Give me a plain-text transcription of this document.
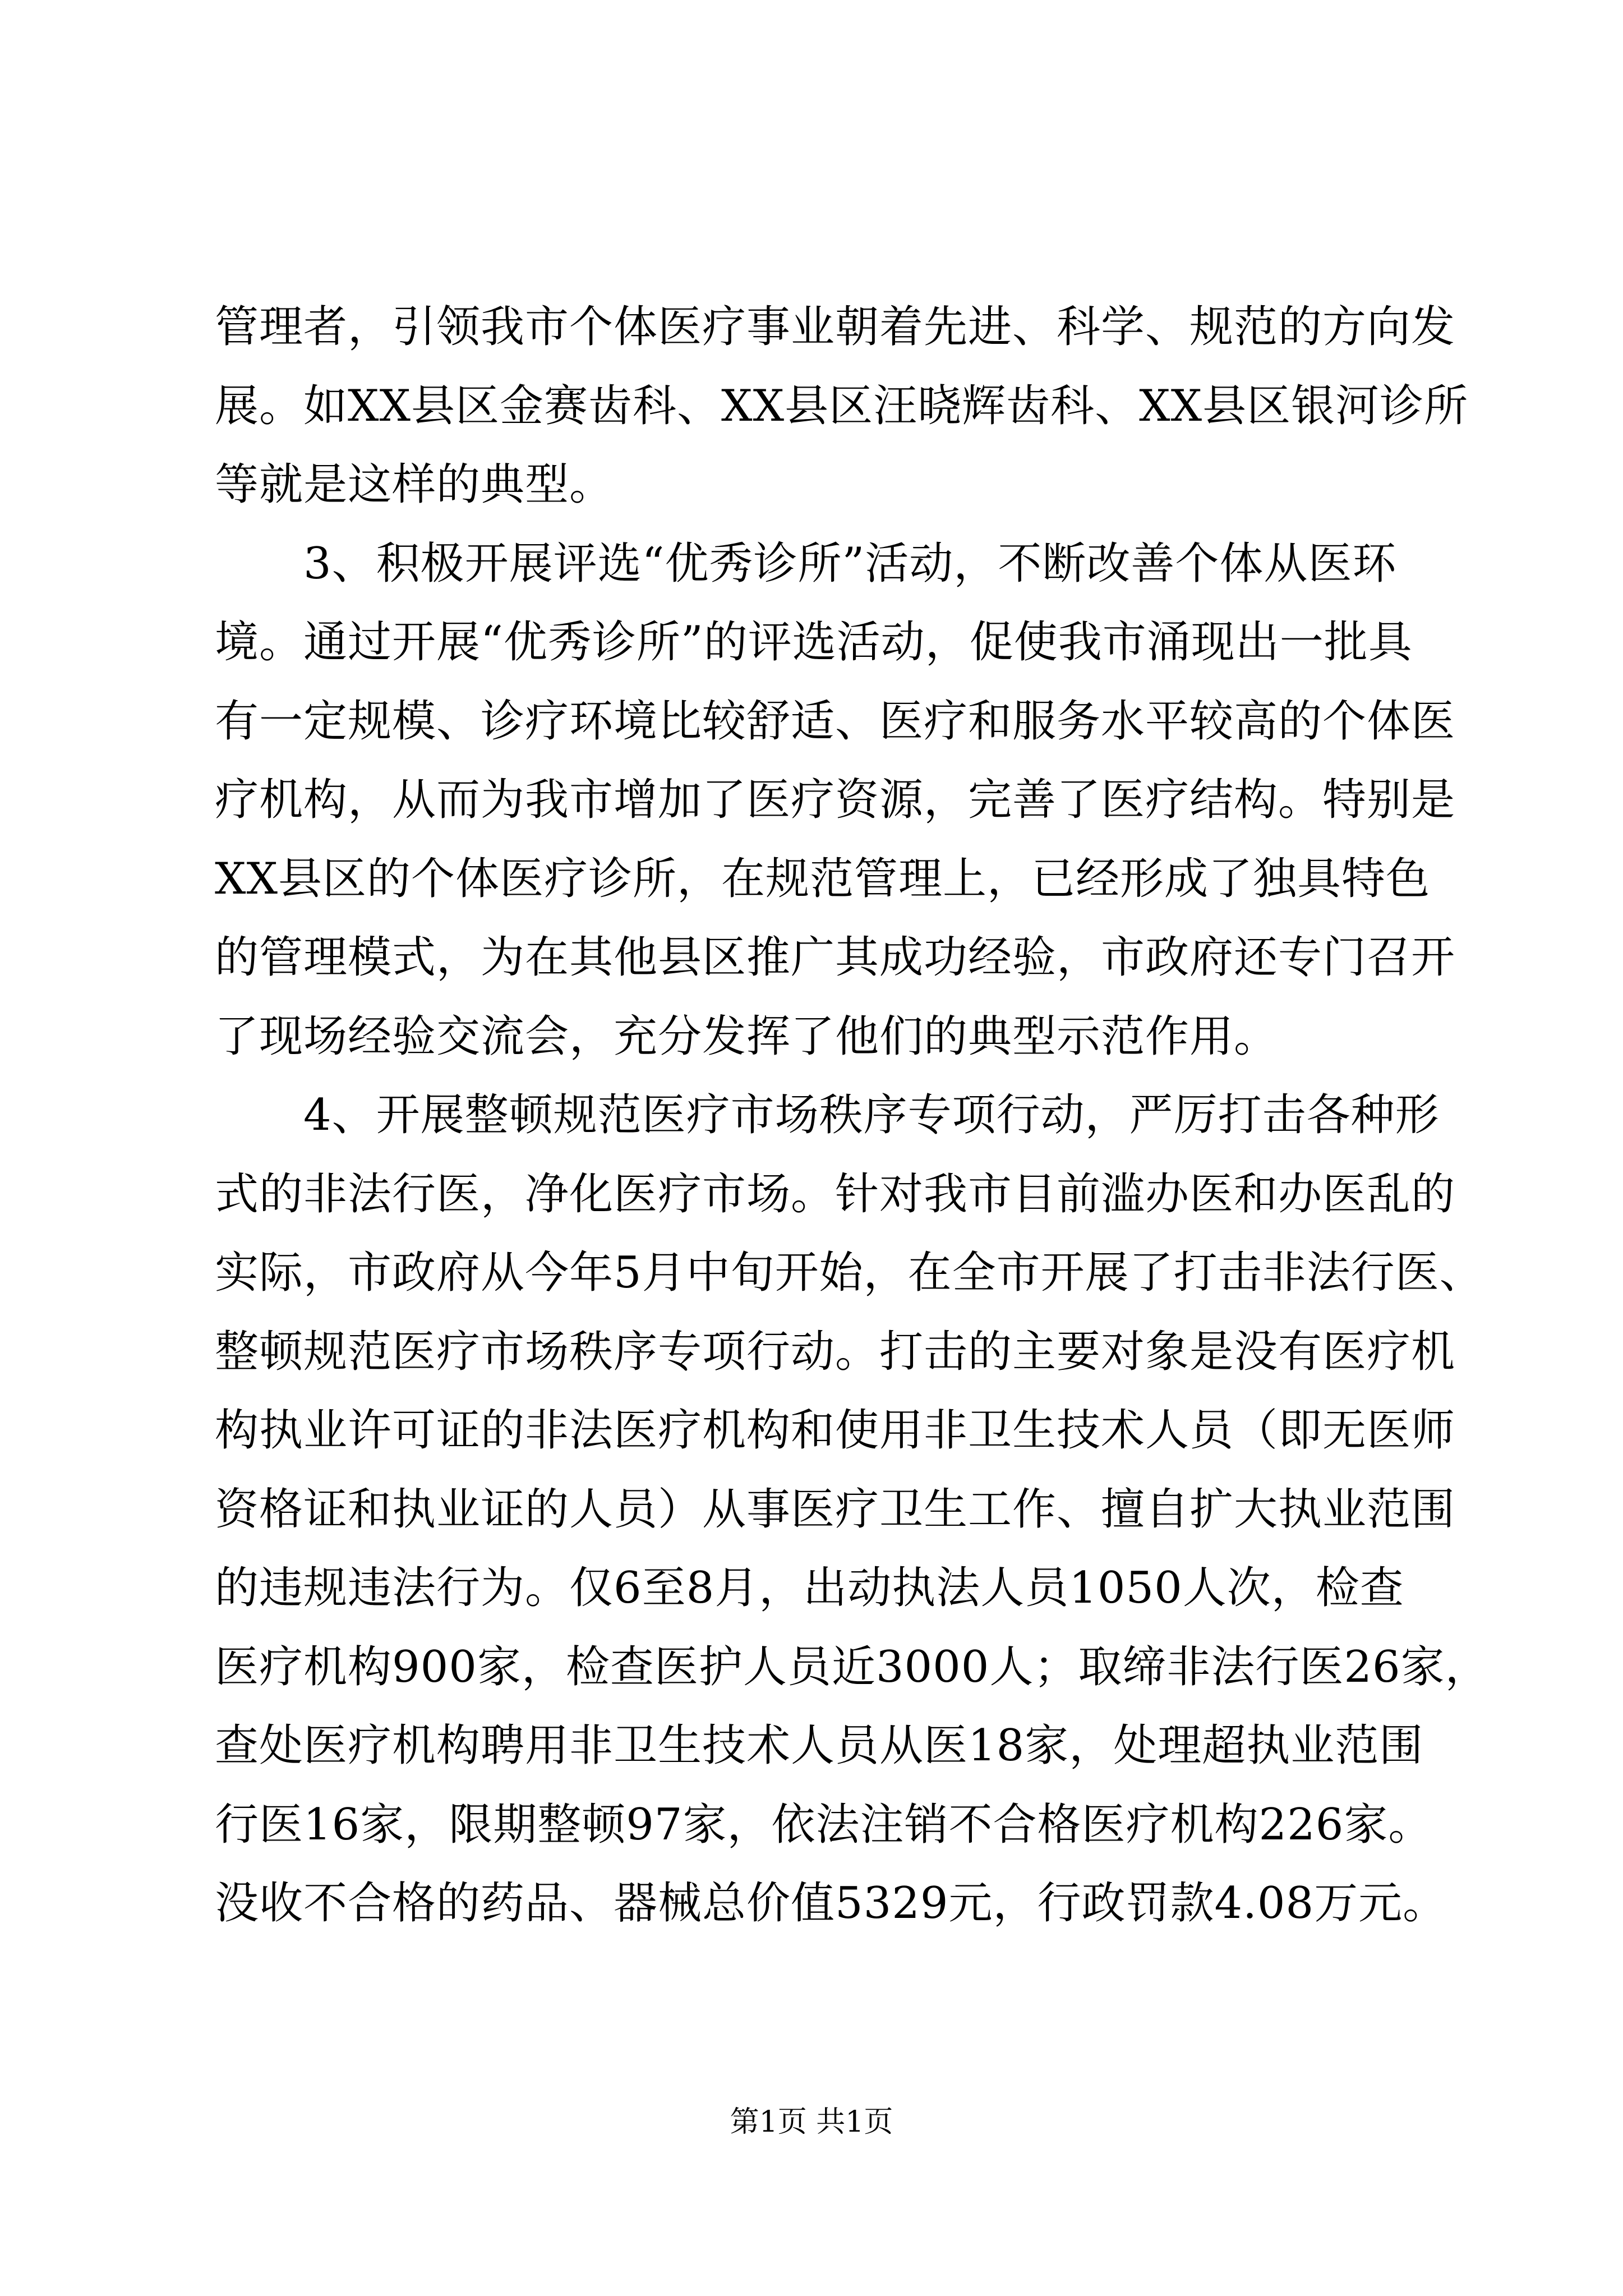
管理者，引领我市个体医疗事业朝着先进、科学、规范的方向发
展。如XX县区金赛齿科、XX县区汪晓辉齿科、XX县区银河诊所
等就是这样的典型。
　　3、积极开展评选“优秀诊所”活动，不断改善个体从医环
境。通过开展“优秀诊所”的评选活动，促使我市涌现出一批具
有一定规模、诊疗环境比较舒适、医疗和服务水平较高的个体医
疗机构，从而为我市增加了医疗资源，完善了医疗结构。特别是
XX县区的个体医疗诊所，在规范管理上，已经形成了独具特色
的管理模式，为在其他县区推广其成功经验，市政府还专门召开
了现场经验交流会，充分发挥了他们的典型示范作用。
　　4、开展整顿规范医疗市场秩序专项行动，严厉打击各种形
式的非法行医，净化医疗市场。针对我市目前滥办医和办医乱的
实际，市政府从今年5月中旬开始，在全市开展了打击非法行医、
整顿规范医疗市场秩序专项行动。打击的主要对象是没有医疗机
构执业许可证的非法医疗机构和使用非卫生技术人员（即无医师
资格证和执业证的人员）从事医疗卫生工作、擅自扩大执业范围
的违规违法行为。仅6至8月，出动执法人员1050人次，检查
医疗机构900家，检查医护人员近3000人；取缔非法行医26家，
查处医疗机构聘用非卫生技术人员从医18家，处理超执业范围
行医16家，限期整顿97家，依法注销不合格医疗机构226家。
没收不合格的药品、器械总价值5329元，行政罚款4.08万元。
第1页 共1页
